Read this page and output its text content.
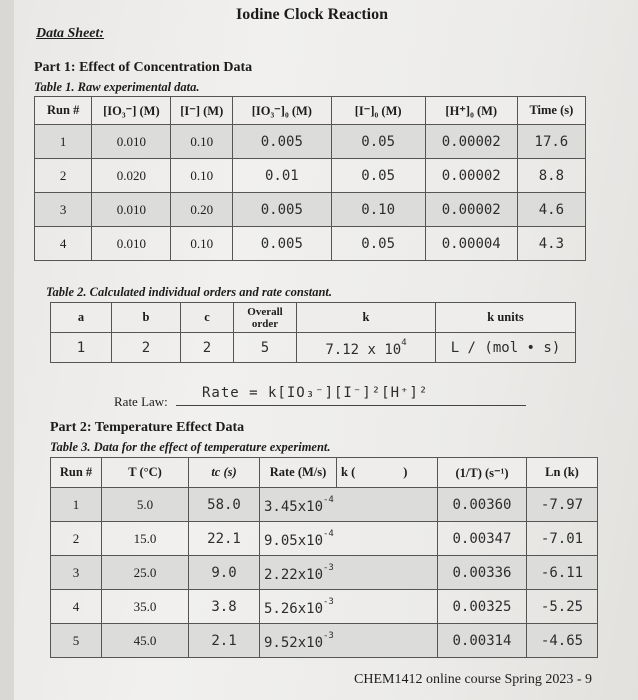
Iodine Clock Reaction
Data Sheet:
Part 1: Effect of Concentration Data
Table 1. Raw experimental data.
Run #	[IO₃⁻] (M)	[I⁻] (M)	[IO₃⁻]₀ (M)	[I⁻]₀ (M)	[H⁺]₀ (M)	Time (s)
1	0.010	0.10	0.005	0.05	0.00002	17.6
2	0.020	0.10	0.01	0.05	0.00002	8.8
3	0.010	0.20	0.005	0.10	0.00002	4.6
4	0.010	0.10	0.005	0.05	0.00004	4.3
Table 2. Calculated individual orders and rate constant.
a	b	c	Overall order	k	k units
1	2	2	5	7.12 x $10^4$	L / (mol • s)
Rate Law:
Rate = k[IO₃⁻][I⁻]²[H⁺]²
Part 2: Temperature Effect Data
Table 3. Data for the effect of temperature experiment.
Run #	T (°C)	tc (s)	Rate (M/s)	k ( )	(1/T) (s⁻¹)	Ln (k)
1	5.0	58.0	$3.45x10^{-4}$		0.00360	-7.97
2	15.0	22.1	$9.05x10^{-4}$		0.00347	-7.01
3	25.0	9.0	$2.22x10^{-3}$		0.00336	-6.11
4	35.0	3.8	$5.26x10^{-3}$		0.00325	-5.25
5	45.0	2.1	$9.52x10^{-3}$		0.00314	-4.65
CHEM1412 online course Spring 2023 - 9
